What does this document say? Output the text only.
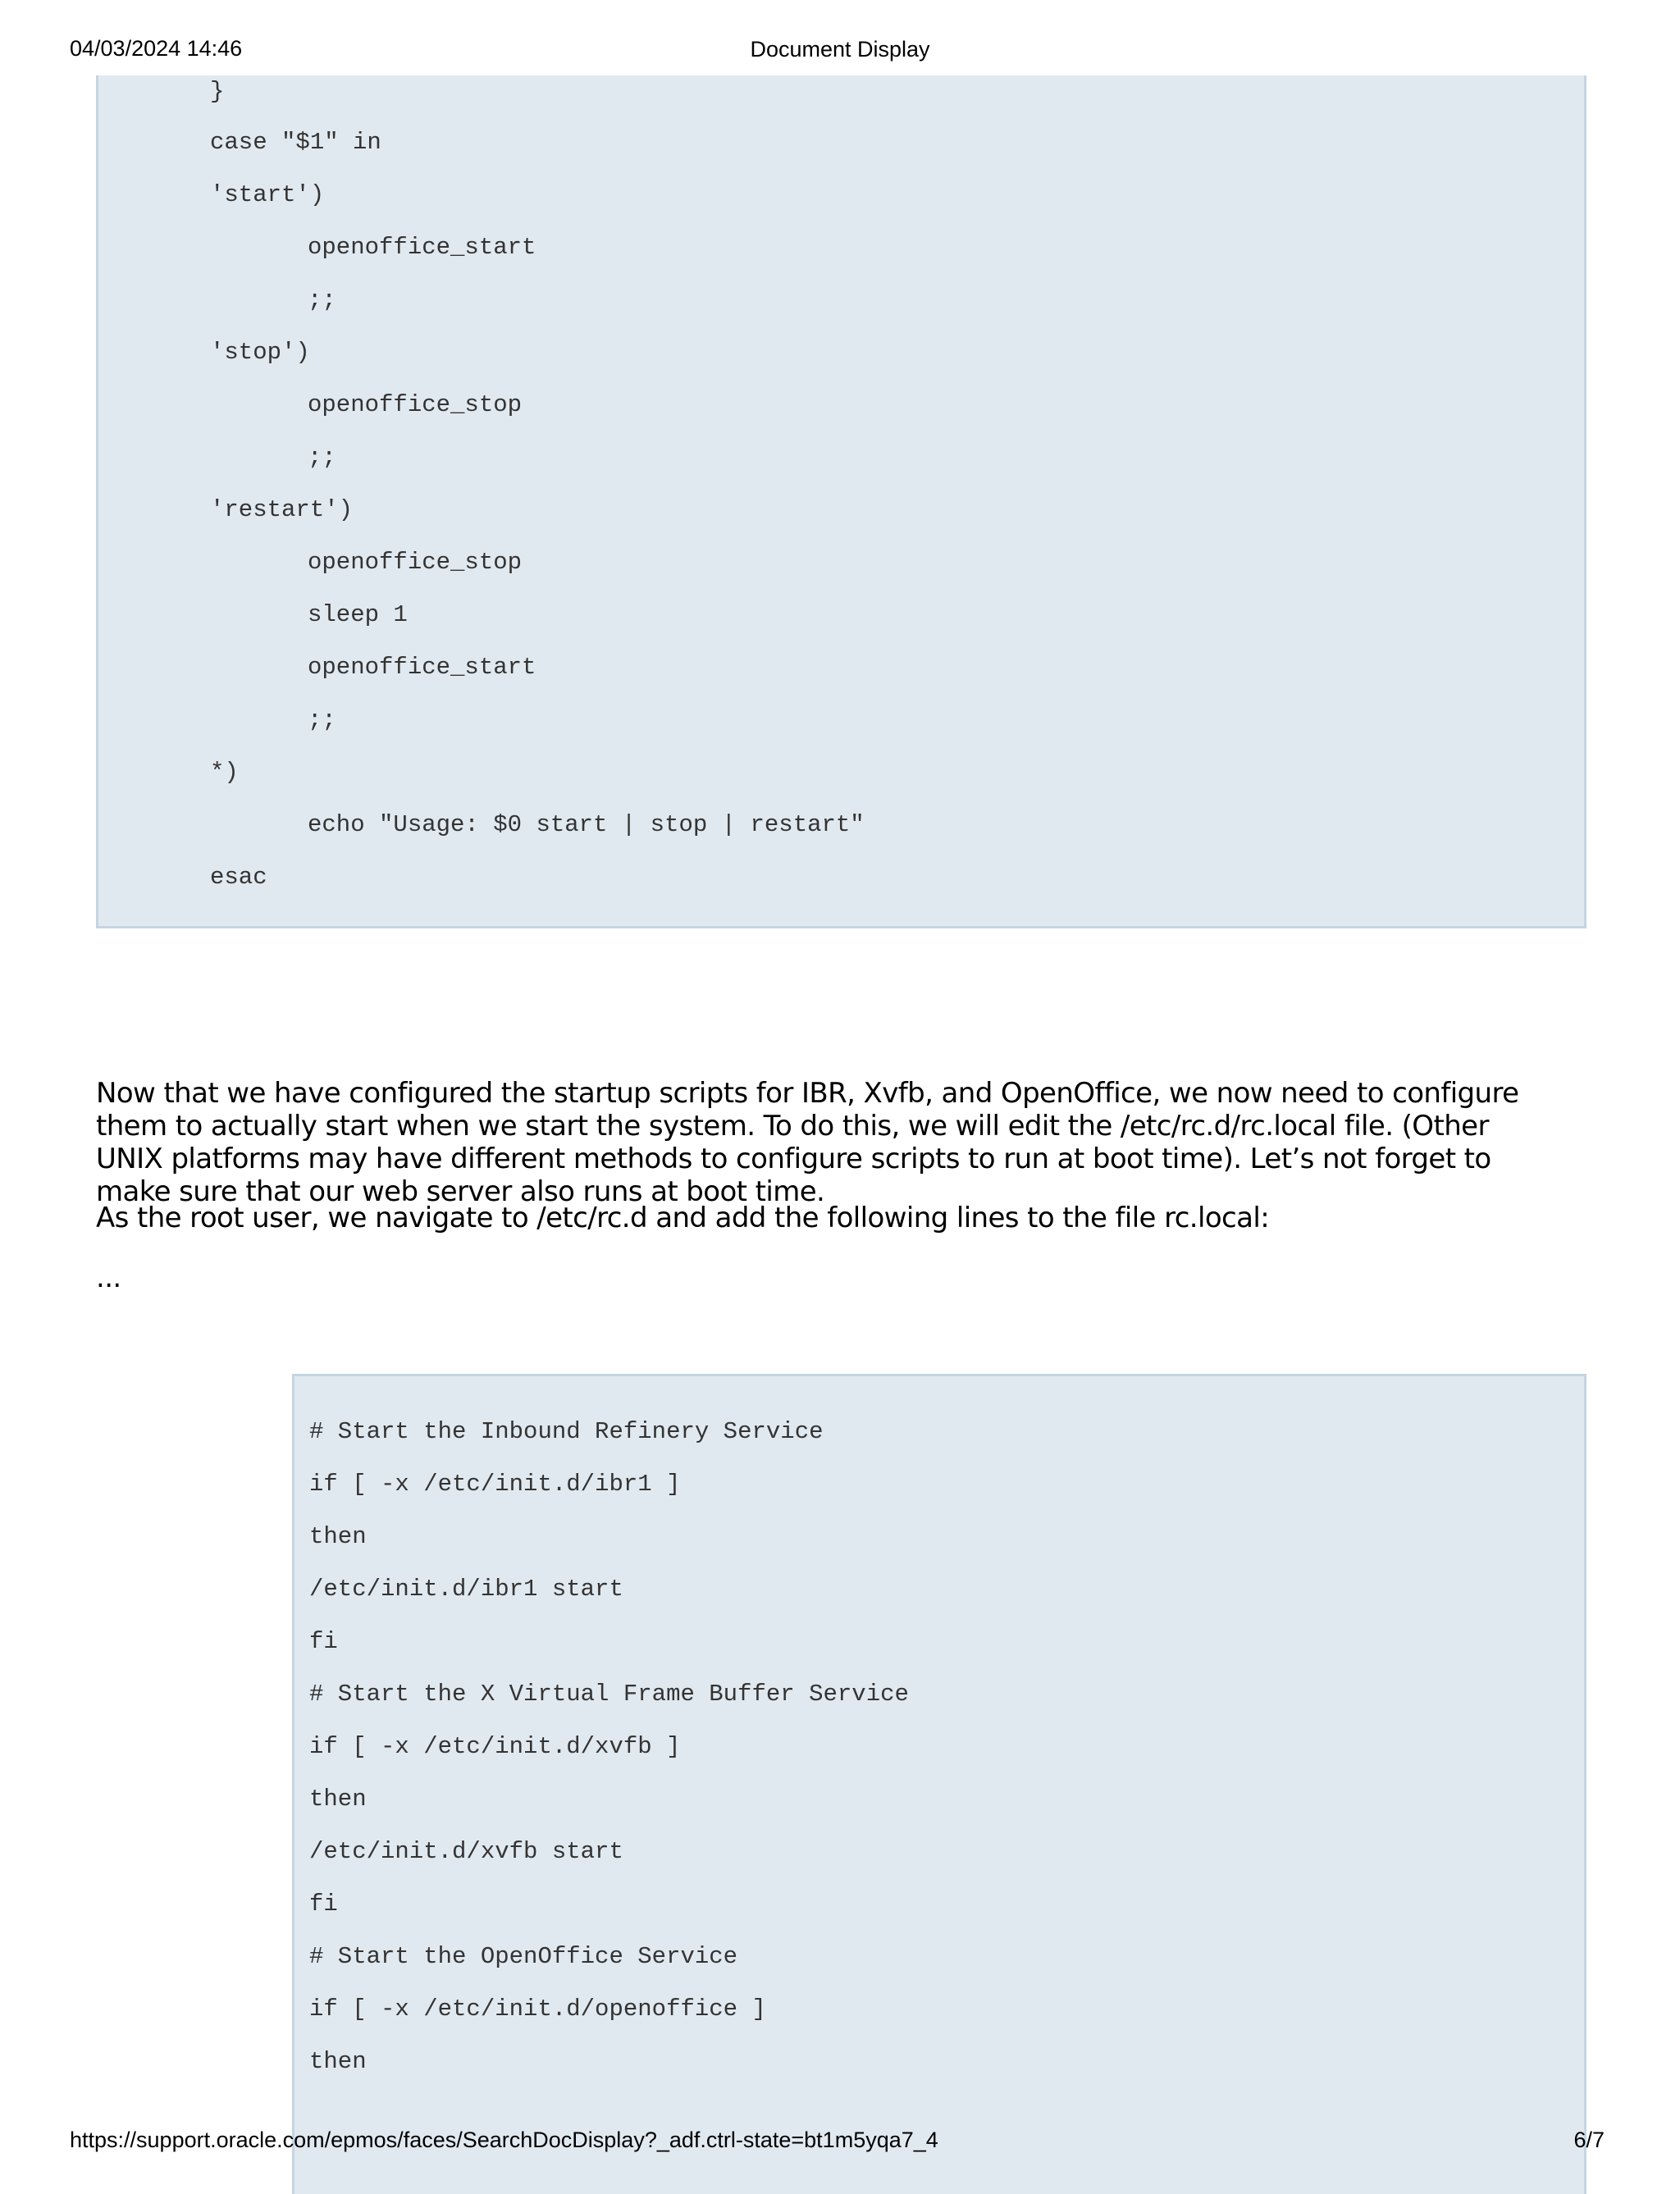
04/03/2024 14:46	Document Display
}
case "$1" in
'start')
openoffice_start
;;
'stop')
openoffice_stop
;;
'restart')
openoffice_stop
sleep 1
openoffice_start
;;
*)
echo "Usage: $0 start | stop | restart"
esac

Now that we have configured the startup scripts for IBR, Xvfb, and OpenOffice, we now need to configure them to actually start when we start the system. To do this, we will edit the /etc/rc.d/rc.local file. (Other UNIX platforms may have different methods to configure scripts to run at boot time). Let’s not forget to make sure that our web server also runs at boot time.

As the root user, we navigate to /etc/rc.d and add the following lines to the file rc.local:

...

# Start the Inbound Refinery Service
if [ -x /etc/init.d/ibr1 ]
then
/etc/init.d/ibr1 start
fi
# Start the X Virtual Frame Buffer Service
if [ -x /etc/init.d/xvfb ]
then
/etc/init.d/xvfb start
fi
# Start the OpenOffice Service
if [ -x /etc/init.d/openoffice ]
then
https://support.oracle.com/epmos/faces/SearchDocDisplay?_adf.ctrl-state=bt1m5yqa7_4	6/7
